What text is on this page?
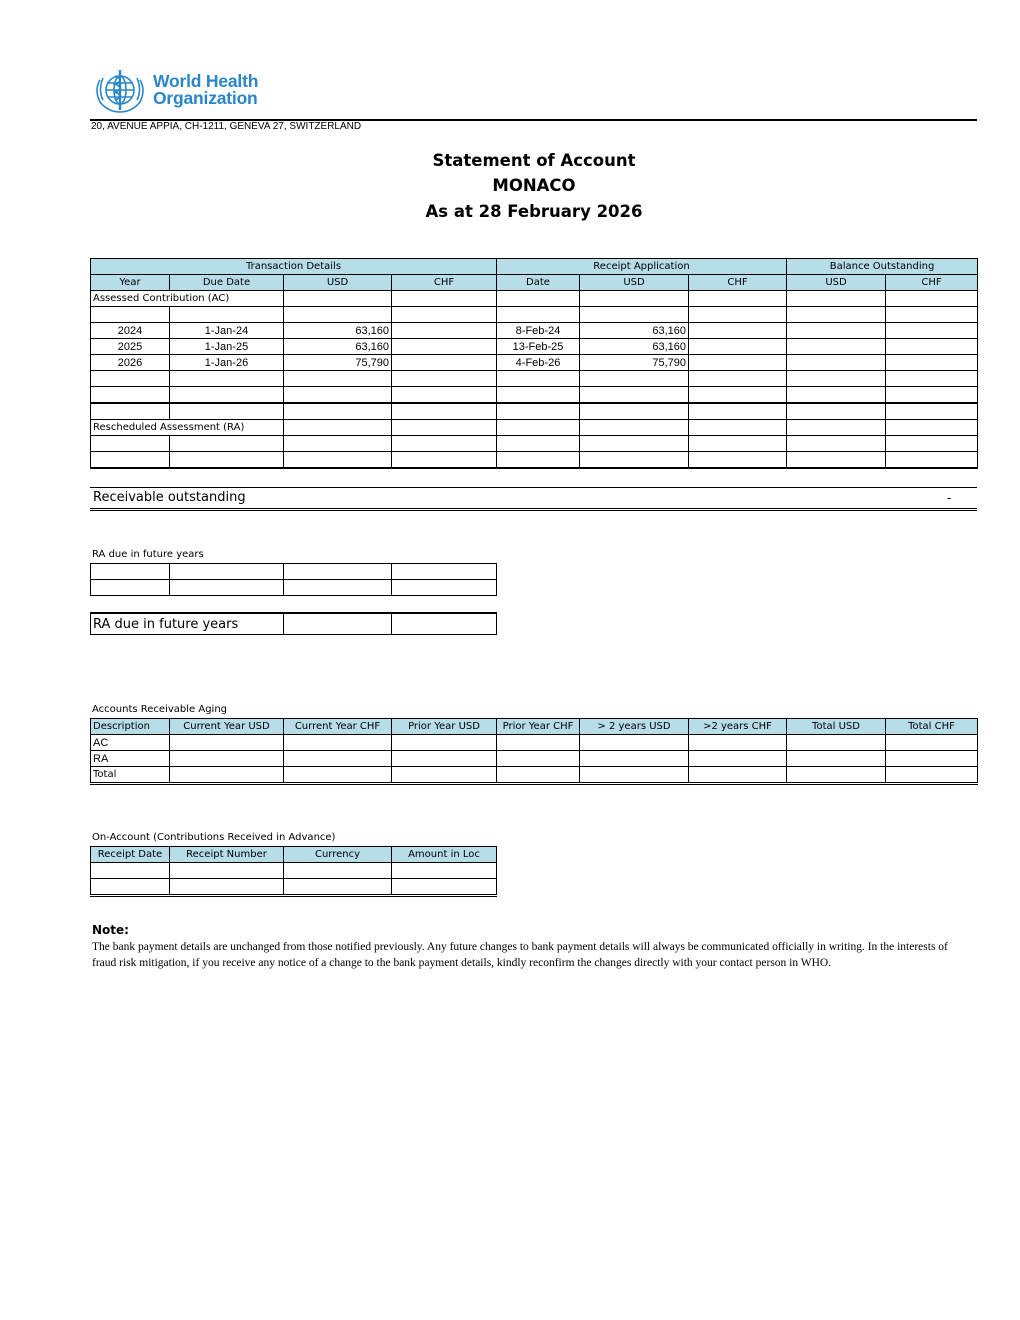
World Health
Organization
20, AVENUE APPIA, CH-1211, GENEVA 27, SWITZERLAND
Statement of Account
MONACO
As at 28 February 2026
Transaction Details				Receipt Application			Balance Outstanding	
Year	Due Date	USD	CHF	Date	USD	CHF	USD	CHF
Assessed Contribution (AC)								

2024	1-Jan-24	63,160		8-Feb-24	63,160			
2025	1-Jan-25	63,160		13-Feb-25	63,160			
2026	1-Jan-26	75,790		4-Feb-26	75,790			

Rescheduled Assessment (RA)								

Receivable outstanding	-
RA due in future years

RA due in future years		
Accounts Receivable Aging
Description	Current Year USD	Current Year CHF	Prior Year USD	Prior Year CHF	> 2 years USD	>2 years CHF	Total USD	Total CHF
AC								
RA								
Total								
On-Account (Contributions Received in Advance)
Receipt Date	Receipt Number	Currency	Amount in Loc

Note:
The bank payment details are unchanged from those notified previously. Any future changes to bank payment details will always be communicated officially in writing. In the interests of fraud risk mitigation, if you receive any notice of a change to the bank payment details, kindly reconfirm the changes directly with your contact person in WHO.
